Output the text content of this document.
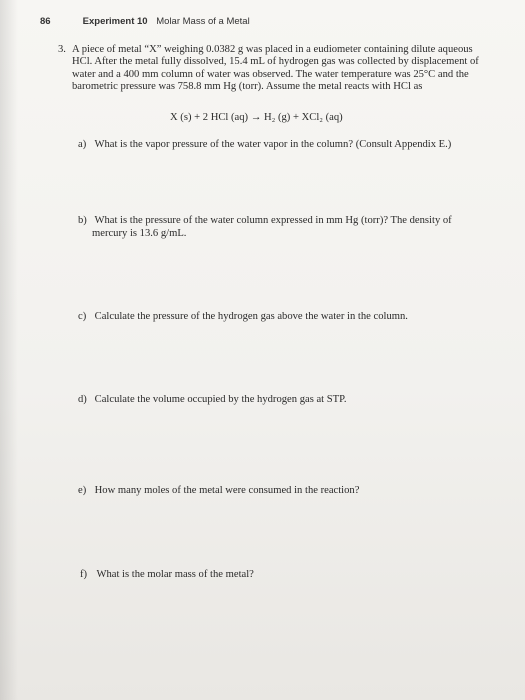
86	Experiment 10 Molar Mass of a Metal
3. A piece of metal “X” weighing 0.0382 g was placed in a eudiometer containing dilute aqueous HCl. After the metal fully dissolved, 15.4 mL of hydrogen gas was collected by displacement of water and a 400 mm column of water was observed. The water temperature was 25°C and the barometric pressure was 758.8 mm Hg (torr). Assume the metal reacts with HCl as
X (s) + 2 HCl (aq) → H₂ (g) + XCl₂ (aq)
a) What is the vapor pressure of the water vapor in the column? (Consult Appendix E.)
b) What is the pressure of the water column expressed in mm Hg (torr)? The density of
mercury is 13.6 g/mL.
c) Calculate the pressure of the hydrogen gas above the water in the column.
d) Calculate the volume occupied by the hydrogen gas at STP.
e) How many moles of the metal were consumed in the reaction?
f) What is the molar mass of the metal?
